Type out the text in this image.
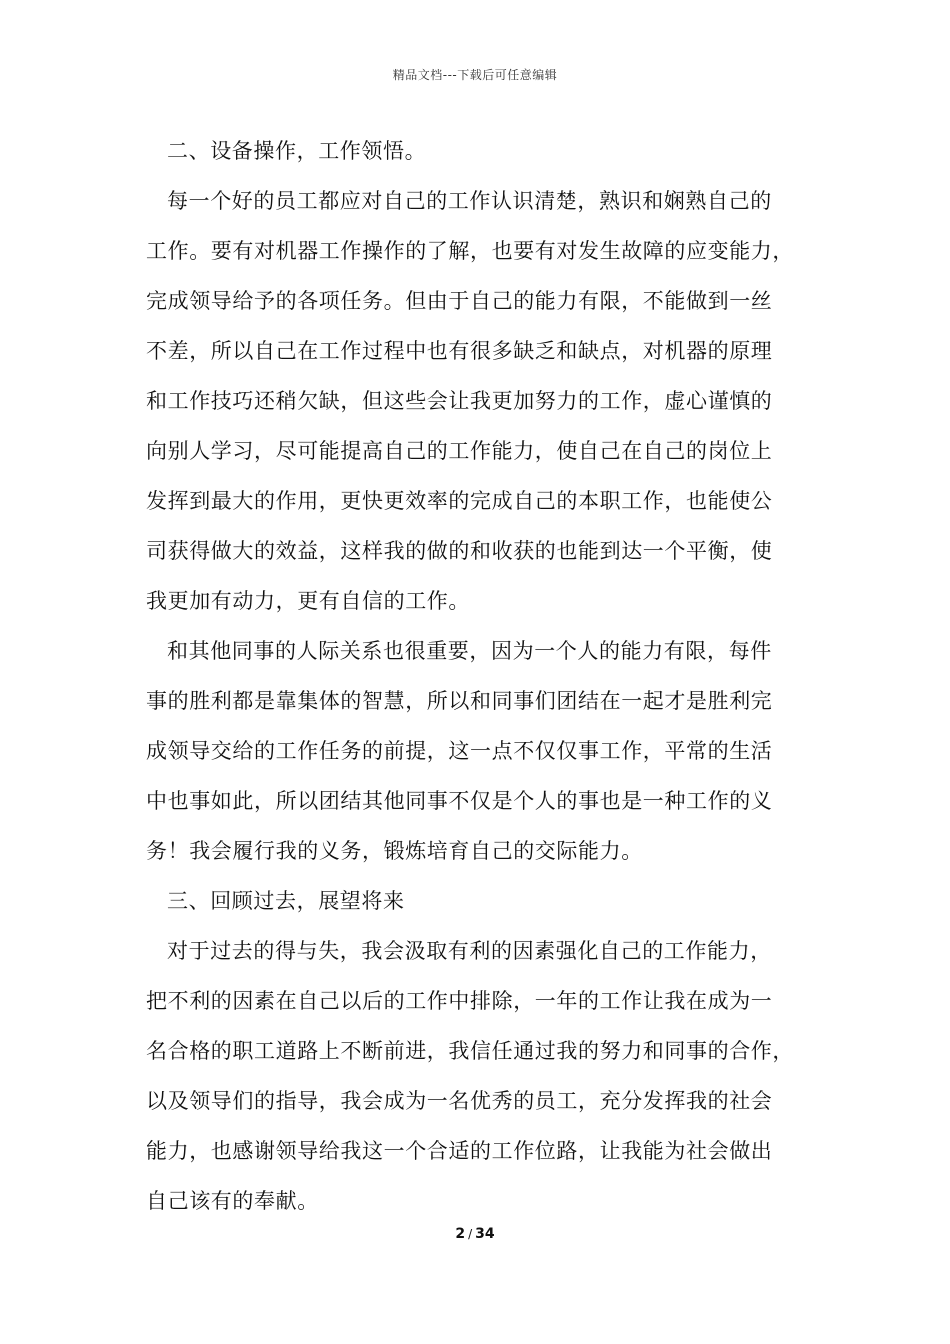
精品文档---下载后可任意编辑
二、设备操作，工作领悟。
每一个好的员工都应对自己的工作认识清楚，熟识和娴熟自己的
工作。要有对机器工作操作的了解，也要有对发生故障的应变能力，
完成领导给予的各项任务。但由于自己的能力有限，不能做到一丝
不差，所以自己在工作过程中也有很多缺乏和缺点，对机器的原理
和工作技巧还稍欠缺，但这些会让我更加努力的工作，虚心谨慎的
向别人学习，尽可能提高自己的工作能力，使自己在自己的岗位上
发挥到最大的作用，更快更效率的完成自己的本职工作，也能使公
司获得做大的效益，这样我的做的和收获的也能到达一个平衡，使
我更加有动力，更有自信的工作。
和其他同事的人际关系也很重要，因为一个人的能力有限，每件
事的胜利都是靠集体的智慧，所以和同事们团结在一起才是胜利完
成领导交给的工作任务的前提，这一点不仅仅事工作，平常的生活
中也事如此，所以团结其他同事不仅是个人的事也是一种工作的义
务！我会履行我的义务，锻炼培育自己的交际能力。
三、回顾过去，展望将来
对于过去的得与失，我会汲取有利的因素强化自己的工作能力，
把不利的因素在自己以后的工作中排除，一年的工作让我在成为一
名合格的职工道路上不断前进，我信任通过我的努力和同事的合作，
以及领导们的指导，我会成为一名优秀的员工，充分发挥我的社会
能力，也感谢领导给我这一个合适的工作位路，让我能为社会做出
自己该有的奉献。
2 / 34
